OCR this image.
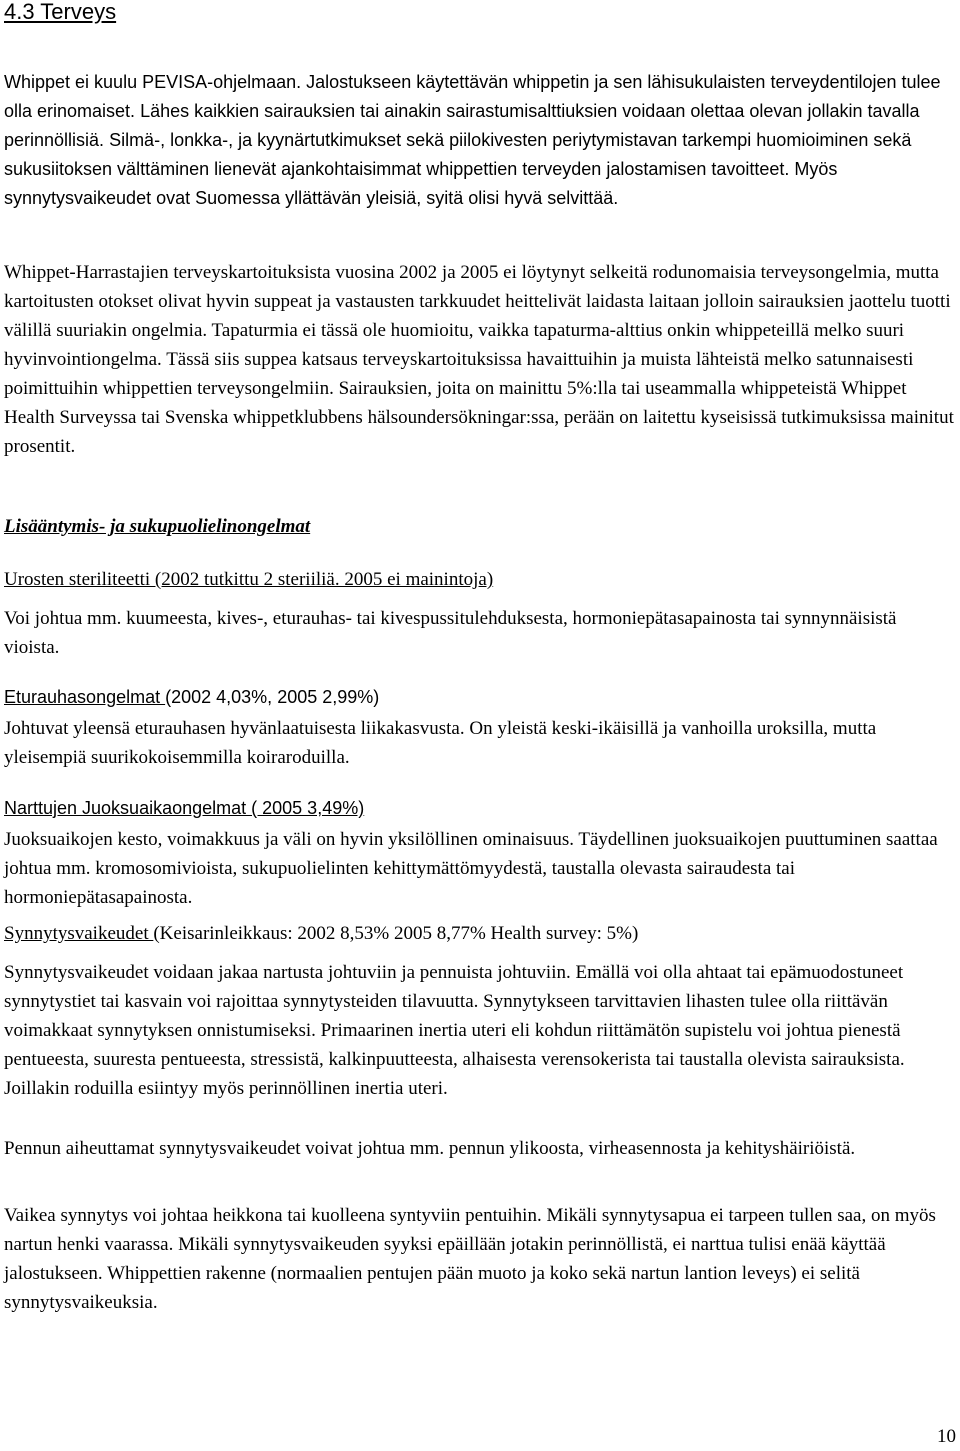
4.3 Terveys

Whippet ei kuulu PEVISA-ohjelmaan. Jalostukseen käytettävän whippetin ja sen lähisukulaisten terveydentilojen tulee olla erinomaiset. Lähes kaikkien sairauksien tai ainakin sairastumisalttiuksien voidaan olettaa olevan jollakin tavalla perinnöllisiä. Silmä-, lonkka-, ja kyynärtutkimukset sekä piilokivesten periytymistavan tarkempi huomioiminen sekä sukusiitoksen välttäminen lienevät ajankohtaisimmat whippettien terveyden jalostamisen tavoitteet. Myös synnytysvaikeudet ovat Suomessa yllättävän yleisiä, syitä olisi hyvä selvittää.

Whippet-Harrastajien terveyskartoituksista vuosina 2002 ja 2005 ei löytynyt selkeitä rodunomaisia terveysongelmia, mutta kartoitusten otokset olivat hyvin suppeat ja vastausten tarkkuudet heittelivät laidasta laitaan jolloin sairauksien jaottelu tuotti välillä suuriakin ongelmia. Tapaturmia ei tässä ole huomioitu, vaikka tapaturma-alttius onkin whippeteillä melko suuri hyvinvointiongelma. Tässä siis suppea katsaus terveyskartoituksissa havaittuihin ja muista lähteistä melko satunnaisesti poimittuihin whippettien terveysongelmiin. Sairauksien, joita on mainittu 5%:lla tai useammalla whippeteistä Whippet Health Surveyssa tai Svenska whippetklubbens hälsoundersökningar:ssa, perään on laitettu kyseisissä tutkimuksissa mainitut prosentit.

Lisääntymis- ja sukupuolielinongelmat

Urosten steriliteetti (2002 tutkittu 2 steriiliä. 2005 ei mainintoja)

Voi johtua mm. kuumeesta, kives-, eturauhas- tai kivespussitulehduksesta, hormoniepätasapainosta tai synnynnäisistä vioista.

Eturauhasongelmat (2002 4,03%, 2005 2,99%)

Johtuvat yleensä eturauhasen hyvänlaatuisesta liikakasvusta. On yleistä keski-ikäisillä ja vanhoilla uroksilla, mutta yleisempiä suurikokoisemmilla koiraroduilla.

Narttujen Juoksuaikaongelmat ( 2005 3,49%)

Juoksuaikojen kesto, voimakkuus ja väli on hyvin yksilöllinen ominaisuus. Täydellinen juoksuaikojen puuttuminen saattaa johtua mm. kromosomivioista, sukupuolielinten kehittymättömyydestä, taustalla olevasta sairaudesta tai hormoniepätasapainosta.

Synnytysvaikeudet (Keisarinleikkaus: 2002 8,53% 2005 8,77% Health survey: 5%)

Synnytysvaikeudet voidaan jakaa nartusta johtuviin ja pennuista johtuviin. Emällä voi olla ahtaat tai epämuodostuneet synnytystiet tai kasvain voi rajoittaa synnytysteiden tilavuutta. Synnytykseen tarvittavien lihasten tulee olla riittävän voimakkaat synnytyksen onnistumiseksi. Primaarinen inertia uteri eli kohdun riittämätön supistelu voi johtua pienestä pentueesta, suuresta pentueesta, stressistä, kalkinpuutteesta, alhaisesta verensokerista tai taustalla olevista sairauksista. Joillakin roduilla esiintyy myös perinnöllinen inertia uteri.

Pennun aiheuttamat synnytysvaikeudet voivat johtua mm. pennun ylikoosta, virheasennosta ja kehityshäiriöistä.

Vaikea synnytys voi johtaa heikkona tai kuolleena syntyviin pentuihin. Mikäli synnytysapua ei tarpeen tullen saa, on myös nartun henki vaarassa. Mikäli synnytysvaikeuden syyksi epäillään jotakin perinnöllistä, ei narttua tulisi enää käyttää jalostukseen. Whippettien rakenne (normaalien pentujen pään muoto ja koko sekä nartun lantion leveys) ei selitä synnytysvaikeuksia.

10
